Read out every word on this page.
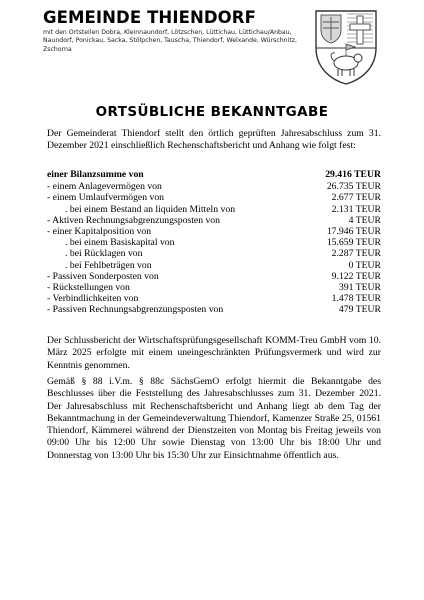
GEMEINDE THIENDORF
mit den Ortsteilen Dobra, Kleinnaundorf, Lötzschen, Lüttichau, Lüttichau/Anbau, Naundorf, Ponickau, Sacka, Stölpchen, Tauscha, Thiendorf, Welxande, Würschnitz, Zschorna
ORTSÜBLICHE BEKANNTGABE
Der Gemeinderat Thiendorf stellt den örtlich geprüften Jahresabschluss zum 31. Dezember 2021 einschließlich Rechenschaftsbericht und Anhang wie folgt fest:
einer Bilanzsumme von	29.416 TEUR
- einem Anlagevermögen von	26.735 TEUR
- einem Umlaufvermögen von	2.677 TEUR
. bei einem Bestand an liquiden Mitteln von	2.131 TEUR
- Aktiven Rechnungsabgrenzungsposten von	4 TEUR
- einer Kapitalposition von	17.946 TEUR
. bei einem Basiskapital von	15.659 TEUR
. bei Rücklagen von	2.287 TEUR
. bei Fehlbeträgen von	0 TEUR
- Passiven Sonderposten von	9.122 TEUR
- Rückstellungen von	391 TEUR
- Verbindlichkeiten von	1.478 TEUR
- Passiven Rechnungsabgrenzungsposten von	479 TEUR
Der Schlussbericht der Wirtschaftsprüfungsgesellschaft KOMM-Treu GmbH vom 10. März 2025 erfolgte mit einem uneingeschränkten Prüfungsvermerk und wird zur Kenntnis genommen.
Gemäß § 88 i.V.m. § 88c SächsGemO erfolgt hiermit die Bekanntgabe des Beschlusses über die Feststellung des Jahresabschlusses zum 31. Dezember 2021. Der Jahresabschluss mit Rechenschaftsbericht und Anhang liegt ab dem Tag der Bekanntmachung in der Gemeindeverwaltung Thiendorf, Kamenzer Straße 25, 01561 Thiendorf, Kämmerei während der Dienstzeiten von Montag bis Freitag jeweils von 09:00 Uhr bis 12:00 Uhr sowie Dienstag von 13:00 Uhr bis 18:00 Uhr und Donnerstag von 13:00 Uhr bis 15:30 Uhr zur Einsichtnahme öffentlich aus.
